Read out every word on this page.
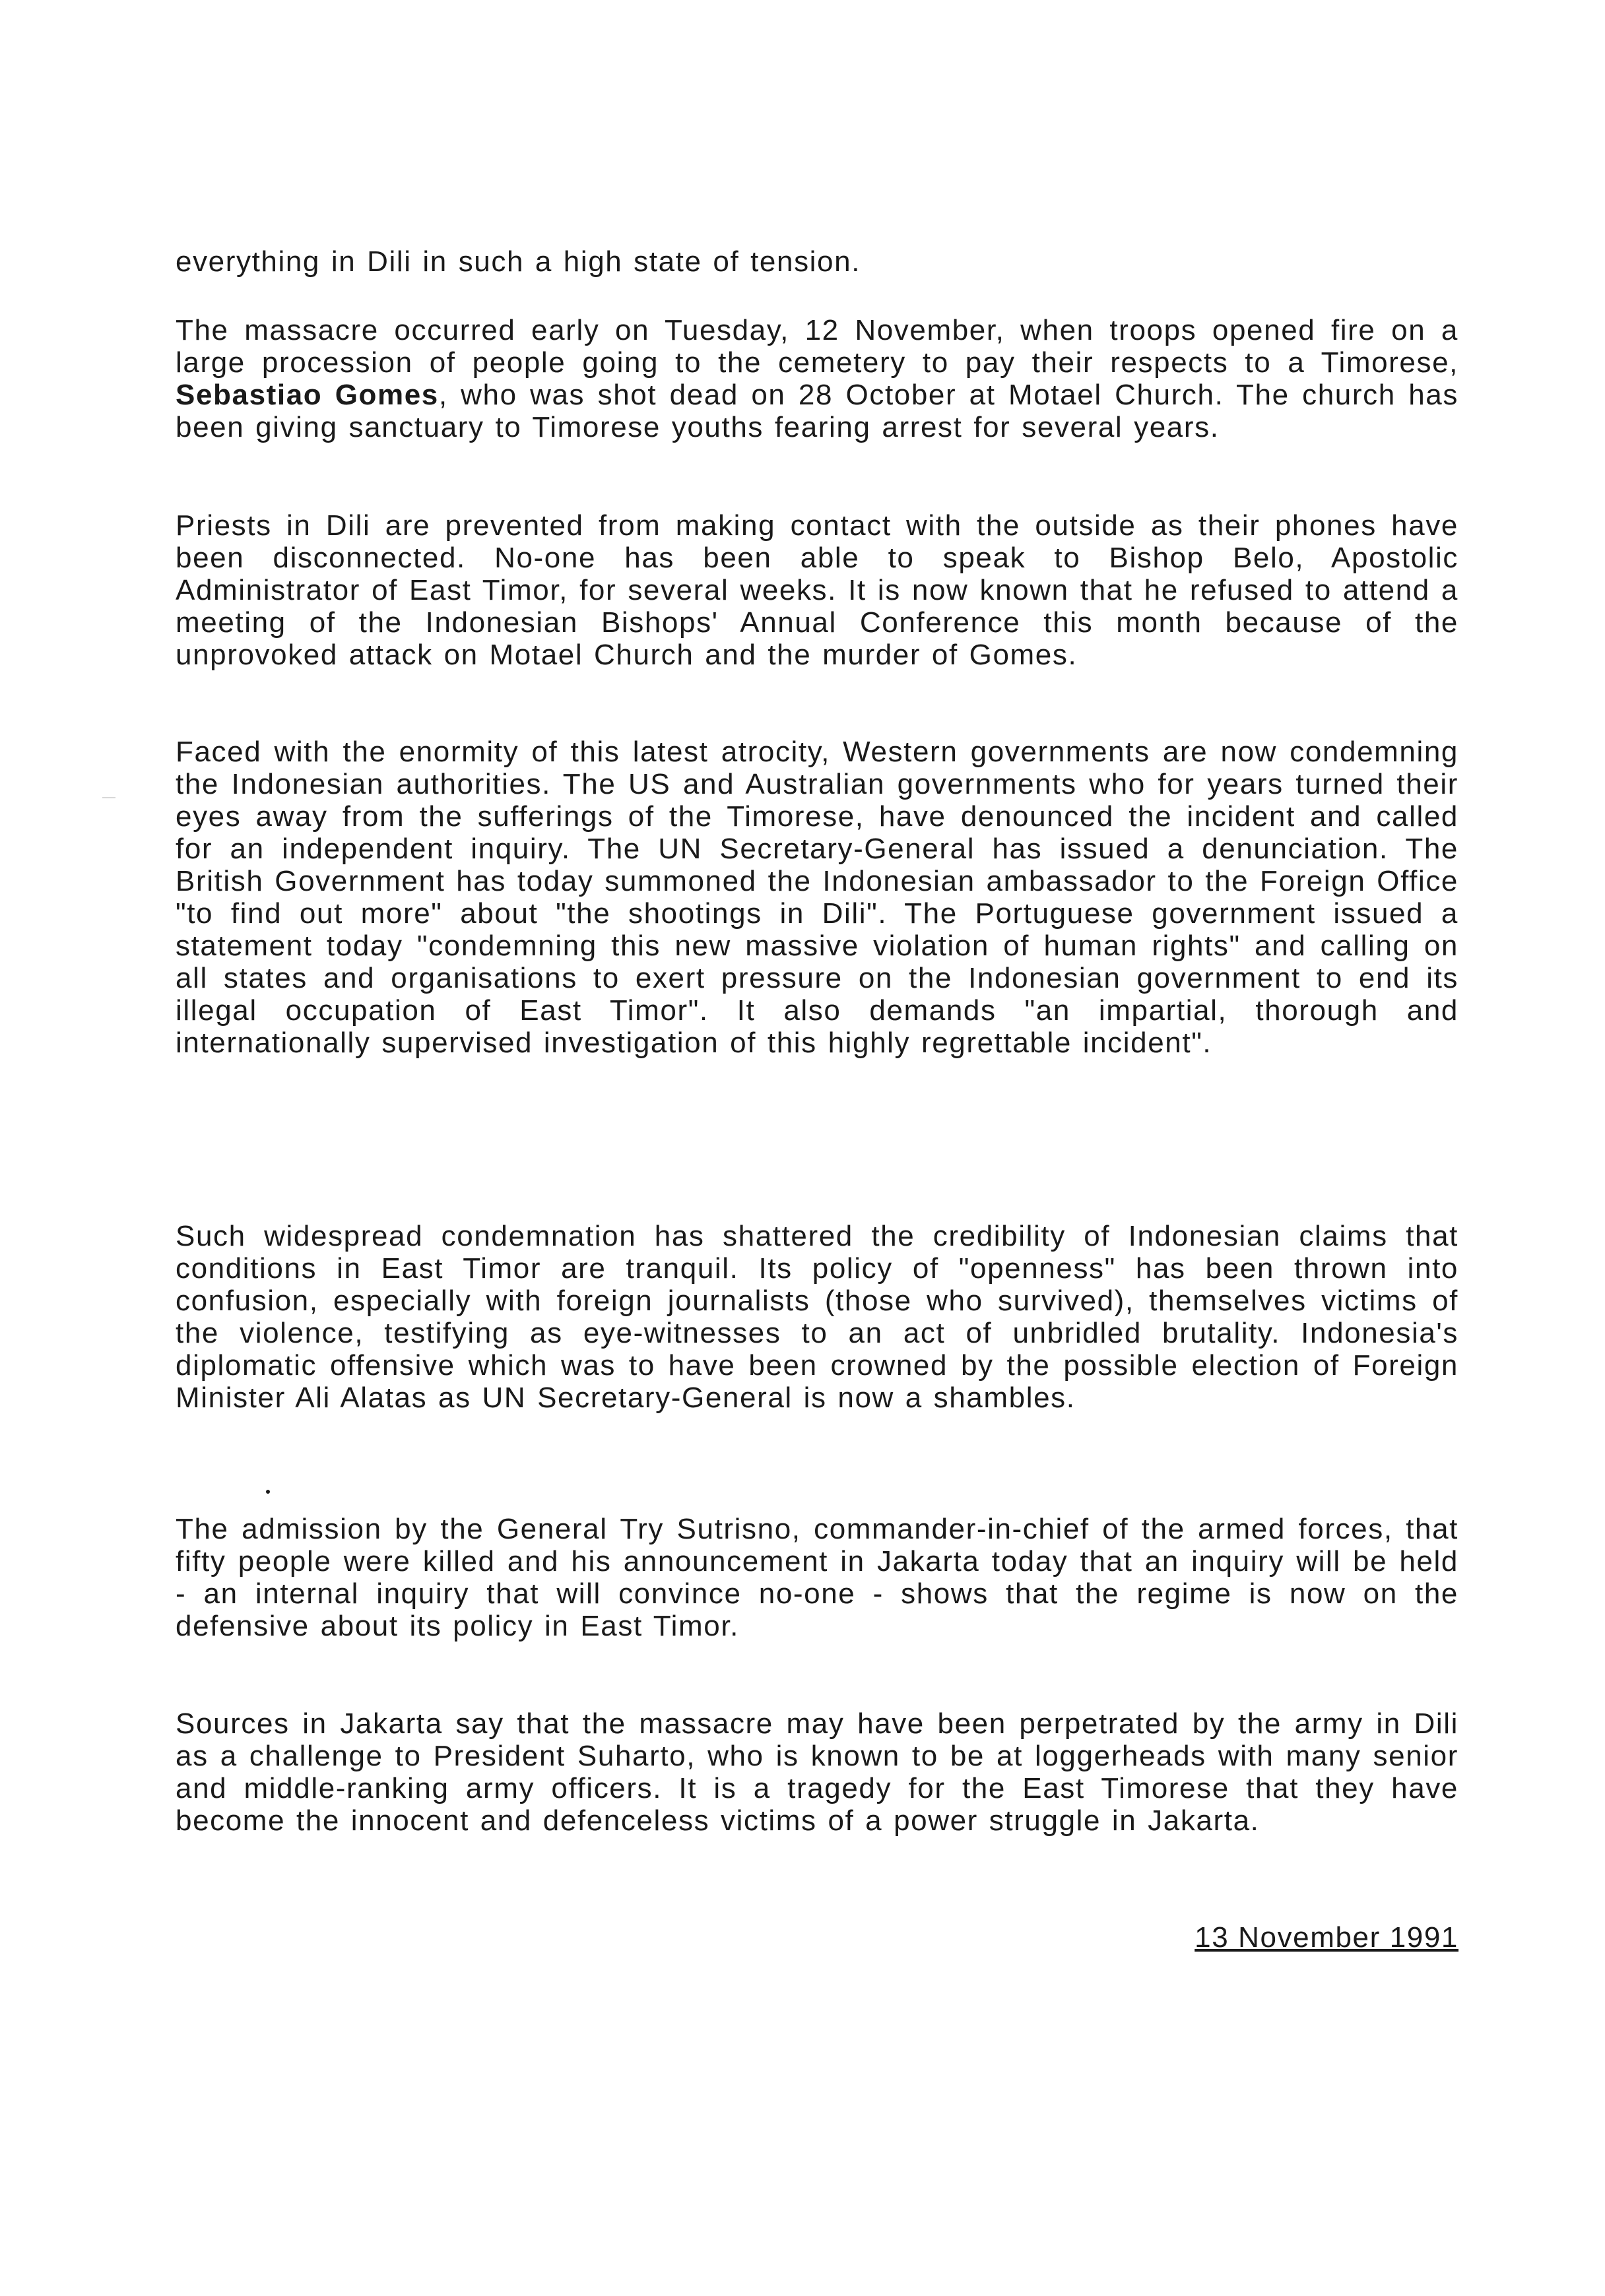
everything in Dili in such a high state of tension.

The massacre occurred early on Tuesday, 12 November, when troops opened fire on a large procession of people going to the cemetery to pay their respects to a Timorese, Sebastiao Gomes, who was shot dead on 28 October at Motael Church. The church has been giving sanctuary to Timorese youths fearing arrest for several years.

Priests in Dili are prevented from making contact with the outside as their phones have been disconnected. No-one has been able to speak to Bishop Belo, Apostolic Administrator of East Timor, for several weeks. It is now known that he refused to attend a meeting of the Indonesian Bishops' Annual Conference this month because of the unprovoked attack on Motael Church and the murder of Gomes.

Faced with the enormity of this latest atrocity, Western governments are now condemning the Indonesian authorities. The US and Australian governments who for years turned their eyes away from the sufferings of the Timorese, have denounced the incident and called for an independent inquiry. The UN Secretary-General has issued a denunciation. The British Government has today summoned the Indonesian ambassador to the Foreign Office "to find out more" about "the shootings in Dili". The Portuguese government issued a statement today "condemning this new massive violation of human rights" and calling on all states and organisations to exert pressure on the Indonesian government to end its illegal occupation of East Timor". It also demands "an impartial, thorough and internationally supervised investigation of this highly regrettable incident".

Such widespread condemnation has shattered the credibility of Indonesian claims that conditions in East Timor are tranquil. Its policy of "openness" has been thrown into confusion, especially with foreign journalists (those who survived), themselves victims of the violence, testifying as eye-witnesses to an act of unbridled brutality. Indonesia's diplomatic offensive which was to have been crowned by the possible election of Foreign Minister Ali Alatas as UN Secretary-General is now a shambles.

The admission by the General Try Sutrisno, commander-in-chief of the armed forces, that fifty people were killed and his announcement in Jakarta today that an inquiry will be held - an internal inquiry that will convince no-one - shows that the regime is now on the defensive about its policy in East Timor.

Sources in Jakarta say that the massacre may have been perpetrated by the army in Dili as a challenge to President Suharto, who is known to be at loggerheads with many senior and middle-ranking army officers. It is a tragedy for the East Timorese that they have become the innocent and defenceless victims of a power struggle in Jakarta.

13 November 1991
